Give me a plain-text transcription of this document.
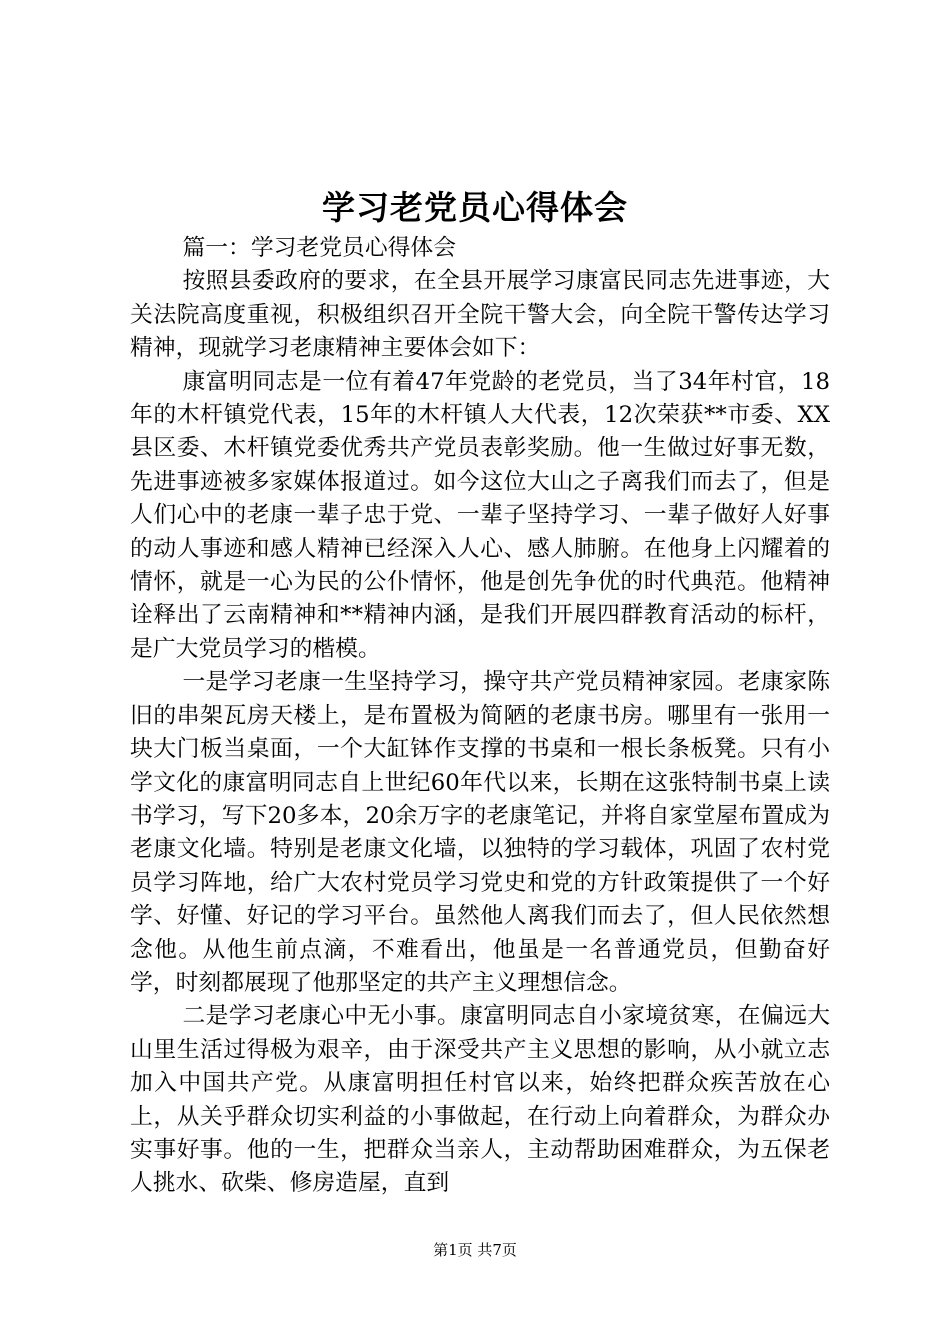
学习老党员心得体会

篇一：学习老党员心得体会

按照县委政府的要求，在全县开展学习康富民同志先进事迹，大关法院高度重视，积极组织召开全院干警大会，向全院干警传达学习精神，现就学习老康精神主要体会如下：

康富明同志是一位有着47年党龄的老党员，当了34年村官，18年的木杆镇党代表，15年的木杆镇人大代表，12次荣获**市委、XX县区委、木杆镇党委优秀共产党员表彰奖励。他一生做过好事无数，先进事迹被多家媒体报道过。如今这位大山之子离我们而去了，但是人们心中的老康一辈子忠于党、一辈子坚持学习、一辈子做好人好事的动人事迹和感人精神已经深入人心、感人肺腑。在他身上闪耀着的情怀，就是一心为民的公仆情怀，他是创先争优的时代典范。他精神诠释出了云南精神和**精神内涵，是我们开展四群教育活动的标杆，是广大党员学习的楷模。

一是学习老康一生坚持学习，操守共产党员精神家园。老康家陈旧的串架瓦房天楼上，是布置极为简陋的老康书房。哪里有一张用一块大门板当桌面，一个大缸钵作支撑的书桌和一根长条板凳。只有小学文化的康富明同志自上世纪60年代以来，长期在这张特制书桌上读书学习，写下20多本，20余万字的老康笔记，并将自家堂屋布置成为老康文化墙。特别是老康文化墙，以独特的学习载体，巩固了农村党员学习阵地，给广大农村党员学习党史和党的方针政策提供了一个好学、好懂、好记的学习平台。虽然他人离我们而去了，但人民依然想念他。从他生前点滴，不难看出，他虽是一名普通党员，但勤奋好学，时刻都展现了他那坚定的共产主义理想信念。

二是学习老康心中无小事。康富明同志自小家境贫寒，在偏远大山里生活过得极为艰辛，由于深受共产主义思想的影响，从小就立志加入中国共产党。从康富明担任村官以来，始终把群众疾苦放在心上，从关乎群众切实利益的小事做起，在行动上向着群众，为群众办实事好事。他的一生，把群众当亲人，主动帮助困难群众，为五保老人挑水、砍柴、修房造屋，直到

第1页 共7页
